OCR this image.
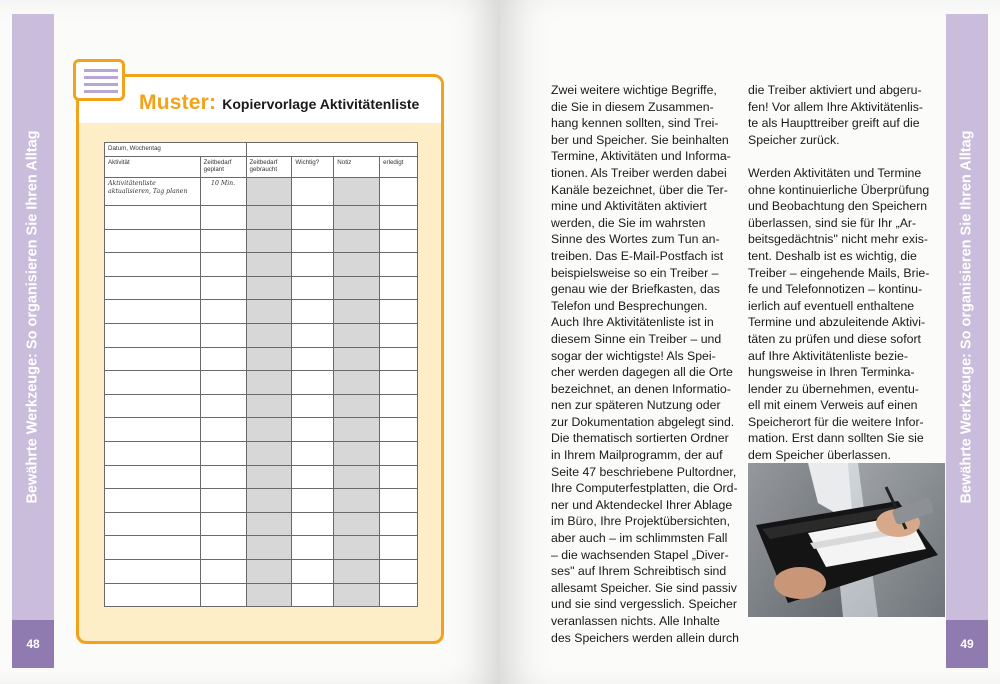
Bewährte Werkzeuge: So organisieren Sie Ihren Alltag
48
Muster: Kopiervorlage Aktivitätenliste
Datum, Wochentag					
Aktivität	Zeitbedarf geplant	Zeitbedarf gebraucht	Wichtig?	Notiz	erledigt
Aktivitätenliste aktualisieren, Tag planen	10 Min.				

						Bewährte Werkzeuge: So organisieren Sie Ihren Alltag
49
Zwei weitere wichtige Begriffe,
die Sie in diesem Zusammen-
hang kennen sollten, sind Trei-
ber und Speicher. Sie beinhalten
Termine, Aktivitäten und Informa-
tionen. Als Treiber werden dabei
Kanäle bezeichnet, über die Ter-
mine und Aktivitäten aktiviert
werden, die Sie im wahrsten
Sinne des Wortes zum Tun an-
treiben. Das E-Mail-Postfach ist
beispielsweise so ein Treiber –
genau wie der Briefkasten, das
Telefon und Besprechungen.
Auch Ihre Aktivitätenliste ist in
diesem Sinne ein Treiber – und
sogar der wichtigste! Als Spei-
cher werden dagegen all die Orte
bezeichnet, an denen Informatio-
nen zur späteren Nutzung oder
zur Dokumentation abgelegt sind.
Die thematisch sortierten Ordner
in Ihrem Mailprogramm, der auf
Seite 47 beschriebene Pultordner,
Ihre Computerfestplatten, die Ord-
ner und Aktendeckel Ihrer Ablage
im Büro, Ihre Projektübersichten,
aber auch – im schlimmsten Fall
– die wachsenden Stapel „Diver-
ses" auf Ihrem Schreibtisch sind
allesamt Speicher. Sie sind passiv
und sie sind vergesslich. Speicher
veranlassen nichts. Alle Inhalte
des Speichers werden allein durch
die Treiber aktiviert und abgeru-
fen! Vor allem Ihre Aktivitätenlis-
te als Haupttreiber greift auf die
Speicher zurück.
Werden Aktivitäten und Termine
ohne kontinuierliche Überprüfung
und Beobachtung den Speichern
überlassen, sind sie für Ihr „Ar-
beitsgedächtnis" nicht mehr exis-
tent. Deshalb ist es wichtig, die
Treiber – eingehende Mails, Brie-
fe und Telefonnotizen – kontinu-
ierlich auf eventuell enthaltene
Termine und abzuleitende Aktivi-
täten zu prüfen und diese sofort
auf Ihre Aktivitätenliste bezie-
hungsweise in Ihren Terminka-
lender zu übernehmen, eventu-
ell mit einem Verweis auf einen
Speicherort für die weitere Infor-
mation. Erst dann sollten Sie sie
dem Speicher überlassen.
